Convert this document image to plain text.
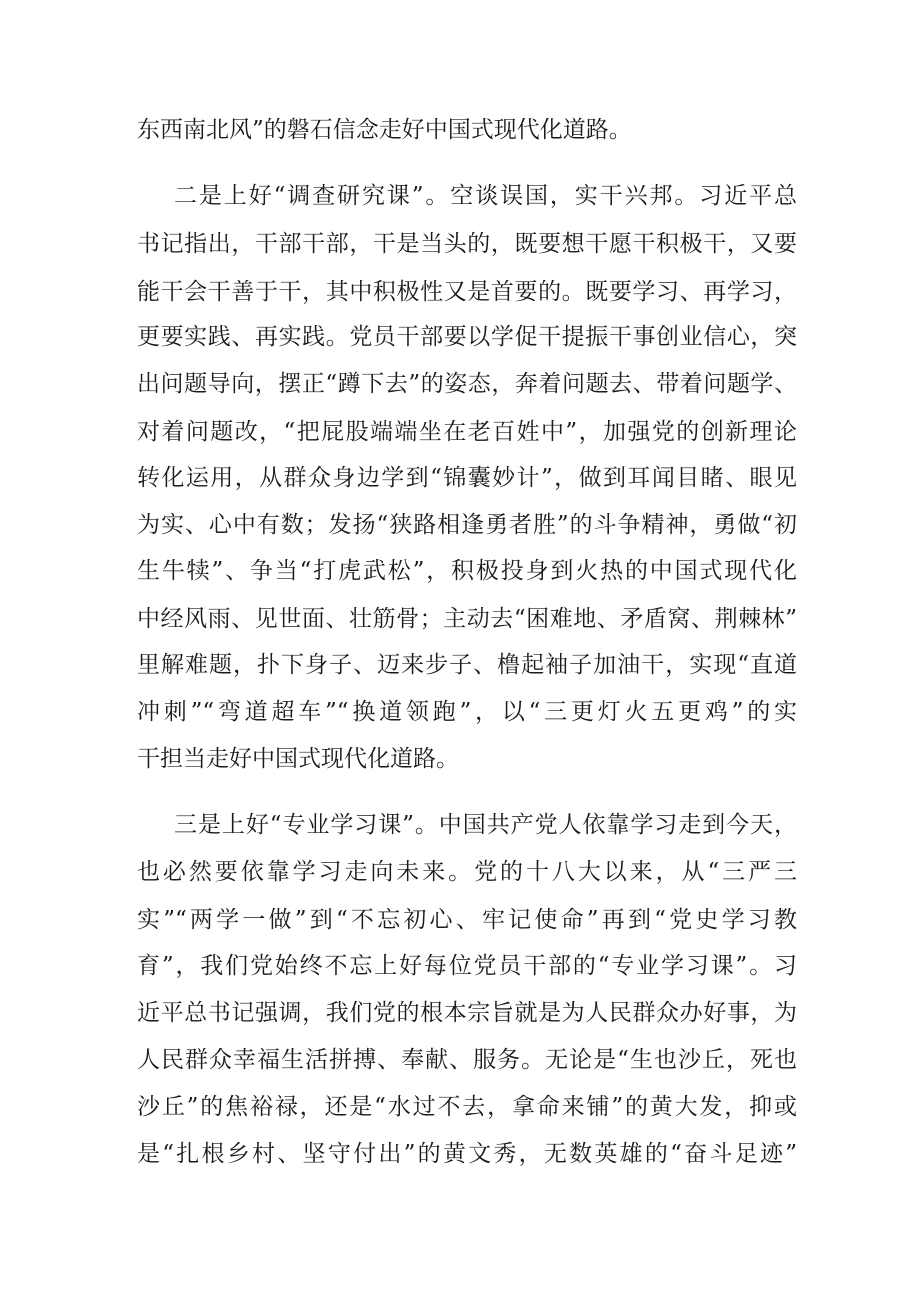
东西南北风”的磐石信念走好中国式现代化道路。
二是上好“调查研究课”。空谈误国，实干兴邦。习近平总
书记指出，干部干部，干是当头的，既要想干愿干积极干，又要
能干会干善于干，其中积极性又是首要的。既要学习、再学习，
更要实践、再实践。党员干部要以学促干提振干事创业信心，突
出问题导向，摆正“蹲下去”的姿态，奔着问题去、带着问题学、
对着问题改，“把屁股端端坐在老百姓中”，加强党的创新理论
转化运用，从群众身边学到“锦囊妙计”，做到耳闻目睹、眼见
为实、心中有数；发扬“狭路相逢勇者胜”的斗争精神，勇做“初
生牛犊”、争当“打虎武松”，积极投身到火热的中国式现代化
中经风雨、见世面、壮筋骨；主动去“困难地、矛盾窝、荆棘林”
里解难题，扑下身子、迈来步子、橹起袖子加油干，实现“直道
冲刺”“弯道超车”“换道领跑”，以“三更灯火五更鸡”的实
干担当走好中国式现代化道路。
三是上好“专业学习课”。中国共产党人依靠学习走到今天，
也必然要依靠学习走向未来。党的十八大以来，从“三严三
实”“两学一做”到“不忘初心、牢记使命”再到“党史学习教
育”，我们党始终不忘上好每位党员干部的“专业学习课”。习
近平总书记强调，我们党的根本宗旨就是为人民群众办好事，为
人民群众幸福生活拼搏、奉献、服务。无论是“生也沙丘，死也
沙丘”的焦裕禄，还是“水过不去，拿命来铺”的黄大发，抑或
是“扎根乡村、坚守付出”的黄文秀，无数英雄的“奋斗足迹”
